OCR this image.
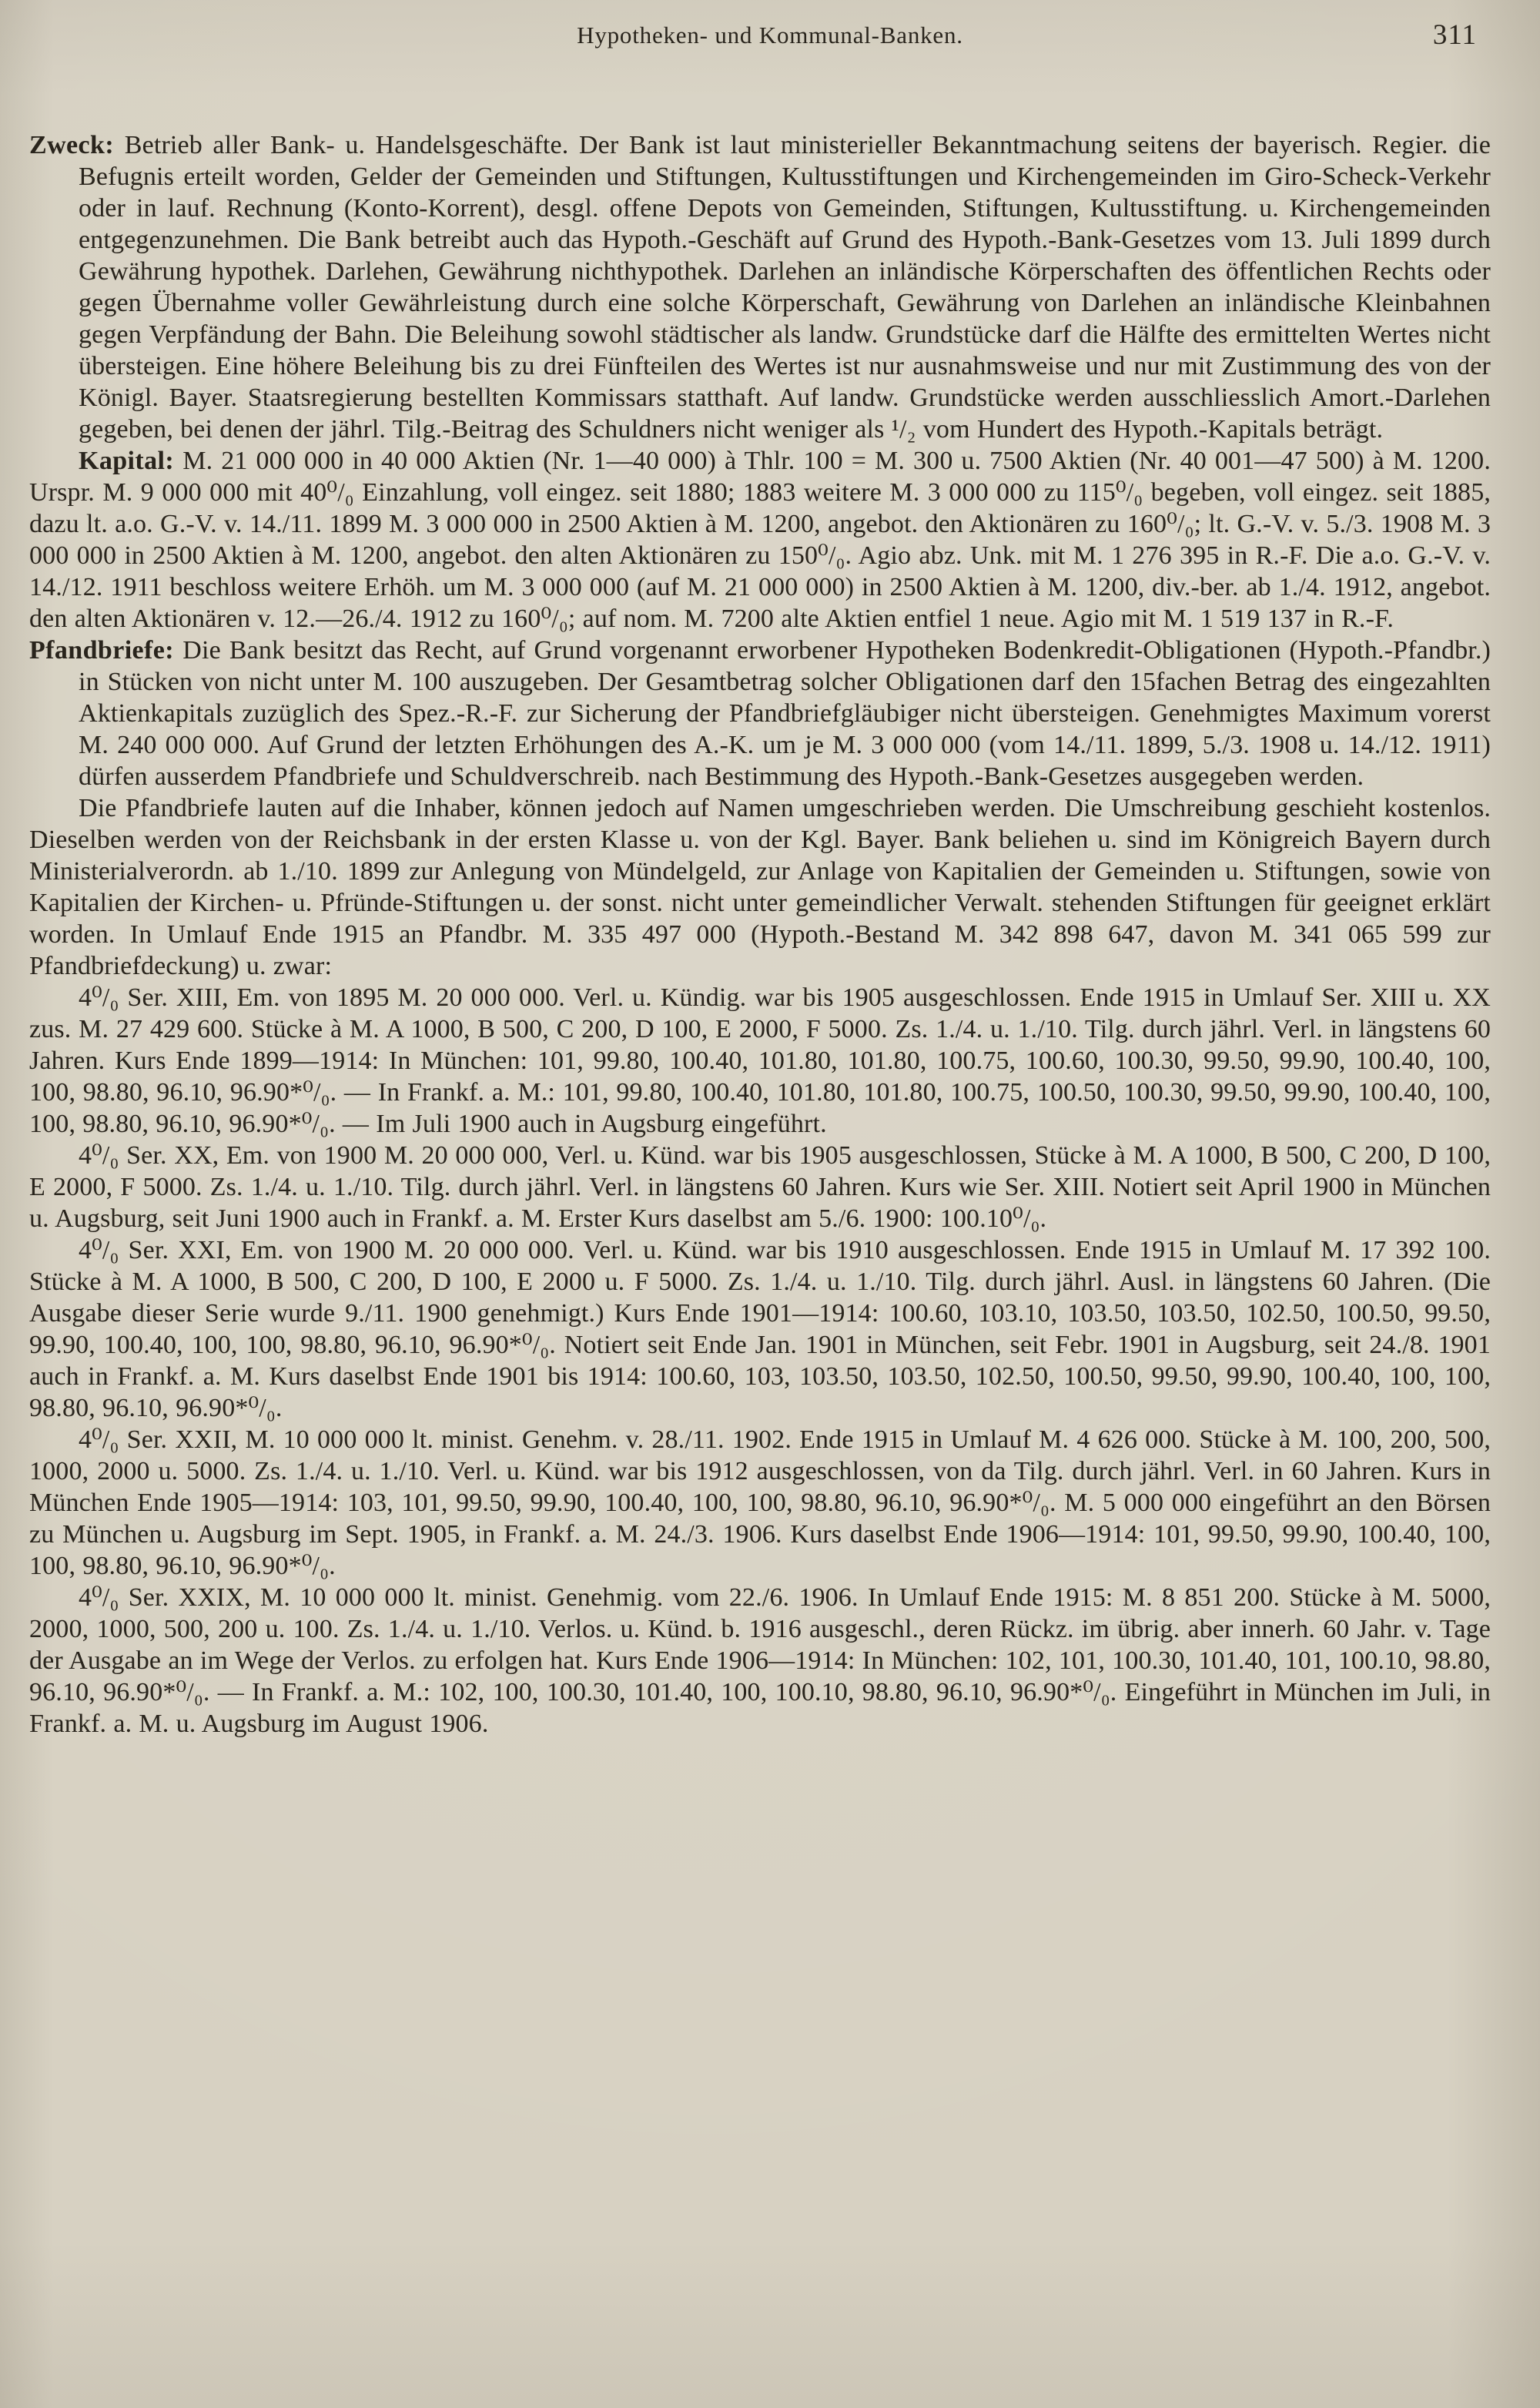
Hypotheken- und Kommunal-Banken.	311

Zweck: Betrieb aller Bank- u. Handelsgeschäfte. Der Bank ist laut ministerieller Bekanntmachung seitens der bayerisch. Regier. die Befugnis erteilt worden, Gelder der Gemeinden und Stiftungen, Kultusstiftungen und Kirchengemeinden im Giro-Scheck-Verkehr oder in lauf. Rechnung (Konto-Korrent), desgl. offene Depots von Gemeinden, Stiftungen, Kultusstiftung. u. Kirchengemeinden entgegenzunehmen. Die Bank betreibt auch das Hypoth.-Geschäft auf Grund des Hypoth.-Bank-Gesetzes vom 13. Juli 1899 durch Gewährung hypothek. Darlehen, Gewährung nichthypothek. Darlehen an inländische Körperschaften des öffentlichen Rechts oder gegen Übernahme voller Gewährleistung durch eine solche Körperschaft, Gewährung von Darlehen an inländische Kleinbahnen gegen Verpfändung der Bahn. Die Beleihung sowohl städtischer als landw. Grundstücke darf die Hälfte des ermittelten Wertes nicht übersteigen. Eine höhere Beleihung bis zu drei Fünfteilen des Wertes ist nur ausnahmsweise und nur mit Zustimmung des von der Königl. Bayer. Staatsregierung bestellten Kommissars statthaft. Auf landw. Grundstücke werden ausschliesslich Amort.-Darlehen gegeben, bei denen der jährl. Tilg.-Beitrag des Schuldners nicht weniger als ¹/₂ vom Hundert des Hypoth.-Kapitals beträgt.

Kapital: M. 21 000 000 in 40 000 Aktien (Nr. 1—40 000) à Thlr. 100 = M. 300 u. 7500 Aktien (Nr. 40 001—47 500) à M. 1200. Urspr. M. 9 000 000 mit 40⁰/₀ Einzahlung, voll eingez. seit 1880; 1883 weitere M. 3 000 000 zu 115⁰/₀ begeben, voll eingez. seit 1885, dazu lt. a.o. G.-V. v. 14./11. 1899 M. 3 000 000 in 2500 Aktien à M. 1200, angebot. den Aktionären zu 160⁰/₀; lt. G.-V. v. 5./3. 1908 M. 3 000 000 in 2500 Aktien à M. 1200, angebot. den alten Aktionären zu 150⁰/₀. Agio abz. Unk. mit M. 1 276 395 in R.-F. Die a.o. G.-V. v. 14./12. 1911 beschloss weitere Erhöh. um M. 3 000 000 (auf M. 21 000 000) in 2500 Aktien à M. 1200, div.-ber. ab 1./4. 1912, angebot. den alten Aktionären v. 12.—26./4. 1912 zu 160⁰/₀; auf nom. M. 7200 alte Aktien entfiel 1 neue. Agio mit M. 1 519 137 in R.-F.

Pfandbriefe: Die Bank besitzt das Recht, auf Grund vorgenannt erworbener Hypotheken Bodenkredit-Obligationen (Hypoth.-Pfandbr.) in Stücken von nicht unter M. 100 auszugeben. Der Gesamtbetrag solcher Obligationen darf den 15fachen Betrag des eingezahlten Aktienkapitals zuzüglich des Spez.-R.-F. zur Sicherung der Pfandbriefgläubiger nicht übersteigen. Genehmigtes Maximum vorerst M. 240 000 000. Auf Grund der letzten Erhöhungen des A.-K. um je M. 3 000 000 (vom 14./11. 1899, 5./3. 1908 u. 14./12. 1911) dürfen ausserdem Pfandbriefe und Schuldverschreib. nach Bestimmung des Hypoth.-Bank-Gesetzes ausgegeben werden.

Die Pfandbriefe lauten auf die Inhaber, können jedoch auf Namen umgeschrieben werden. Die Umschreibung geschieht kostenlos. Dieselben werden von der Reichsbank in der ersten Klasse u. von der Kgl. Bayer. Bank beliehen u. sind im Königreich Bayern durch Ministerialverordn. ab 1./10. 1899 zur Anlegung von Mündelgeld, zur Anlage von Kapitalien der Gemeinden u. Stiftungen, sowie von Kapitalien der Kirchen- u. Pfründe-Stiftungen u. der sonst. nicht unter gemeindlicher Verwalt. stehenden Stiftungen für geeignet erklärt worden. In Umlauf Ende 1915 an Pfandbr. M. 335 497 000 (Hypoth.-Bestand M. 342 898 647, davon M. 341 065 599 zur Pfandbriefdeckung) u. zwar:

4⁰/₀ Ser. XIII, Em. von 1895 M. 20 000 000. Verl. u. Kündig. war bis 1905 ausgeschlossen. Ende 1915 in Umlauf Ser. XIII u. XX zus. M. 27 429 600. Stücke à M. A 1000, B 500, C 200, D 100, E 2000, F 5000. Zs. 1./4. u. 1./10. Tilg. durch jährl. Verl. in längstens 60 Jahren. Kurs Ende 1899—1914: In München: 101, 99.80, 100.40, 101.80, 101.80, 100.75, 100.60, 100.30, 99.50, 99.90, 100.40, 100, 100, 98.80, 96.10, 96.90*⁰/₀. — In Frankf. a. M.: 101, 99.80, 100.40, 101.80, 101.80, 100.75, 100.50, 100.30, 99.50, 99.90, 100.40, 100, 100, 98.80, 96.10, 96.90*⁰/₀. — Im Juli 1900 auch in Augsburg eingeführt.

4⁰/₀ Ser. XX, Em. von 1900 M. 20 000 000, Verl. u. Künd. war bis 1905 ausgeschlossen, Stücke à M. A 1000, B 500, C 200, D 100, E 2000, F 5000. Zs. 1./4. u. 1./10. Tilg. durch jährl. Verl. in längstens 60 Jahren. Kurs wie Ser. XIII. Notiert seit April 1900 in München u. Augsburg, seit Juni 1900 auch in Frankf. a. M. Erster Kurs daselbst am 5./6. 1900: 100.10⁰/₀.

4⁰/₀ Ser. XXI, Em. von 1900 M. 20 000 000. Verl. u. Künd. war bis 1910 ausgeschlossen. Ende 1915 in Umlauf M. 17 392 100. Stücke à M. A 1000, B 500, C 200, D 100, E 2000 u. F 5000. Zs. 1./4. u. 1./10. Tilg. durch jährl. Ausl. in längstens 60 Jahren. (Die Ausgabe dieser Serie wurde 9./11. 1900 genehmigt.) Kurs Ende 1901—1914: 100.60, 103.10, 103.50, 103.50, 102.50, 100.50, 99.50, 99.90, 100.40, 100, 100, 98.80, 96.10, 96.90*⁰/₀. Notiert seit Ende Jan. 1901 in München, seit Febr. 1901 in Augsburg, seit 24./8. 1901 auch in Frankf. a. M. Kurs daselbst Ende 1901 bis 1914: 100.60, 103, 103.50, 103.50, 102.50, 100.50, 99.50, 99.90, 100.40, 100, 100, 98.80, 96.10, 96.90*⁰/₀.

4⁰/₀ Ser. XXII, M. 10 000 000 lt. minist. Genehm. v. 28./11. 1902. Ende 1915 in Umlauf M. 4 626 000. Stücke à M. 100, 200, 500, 1000, 2000 u. 5000. Zs. 1./4. u. 1./10. Verl. u. Künd. war bis 1912 ausgeschlossen, von da Tilg. durch jährl. Verl. in 60 Jahren. Kurs in München Ende 1905—1914: 103, 101, 99.50, 99.90, 100.40, 100, 100, 98.80, 96.10, 96.90*⁰/₀. M. 5 000 000 eingeführt an den Börsen zu München u. Augsburg im Sept. 1905, in Frankf. a. M. 24./3. 1906. Kurs daselbst Ende 1906—1914: 101, 99.50, 99.90, 100.40, 100, 100, 98.80, 96.10, 96.90*⁰/₀.

4⁰/₀ Ser. XXIX, M. 10 000 000 lt. minist. Genehmig. vom 22./6. 1906. In Umlauf Ende 1915: M. 8 851 200. Stücke à M. 5000, 2000, 1000, 500, 200 u. 100. Zs. 1./4. u. 1./10. Verlos. u. Künd. b. 1916 ausgeschl., deren Rückz. im übrig. aber innerh. 60 Jahr. v. Tage der Ausgabe an im Wege der Verlos. zu erfolgen hat. Kurs Ende 1906—1914: In München: 102, 101, 100.30, 101.40, 101, 100.10, 98.80, 96.10, 96.90*⁰/₀. — In Frankf. a. M.: 102, 100, 100.30, 101.40, 100, 100.10, 98.80, 96.10, 96.90*⁰/₀. Eingeführt in München im Juli, in Frankf. a. M. u. Augsburg im August 1906.
